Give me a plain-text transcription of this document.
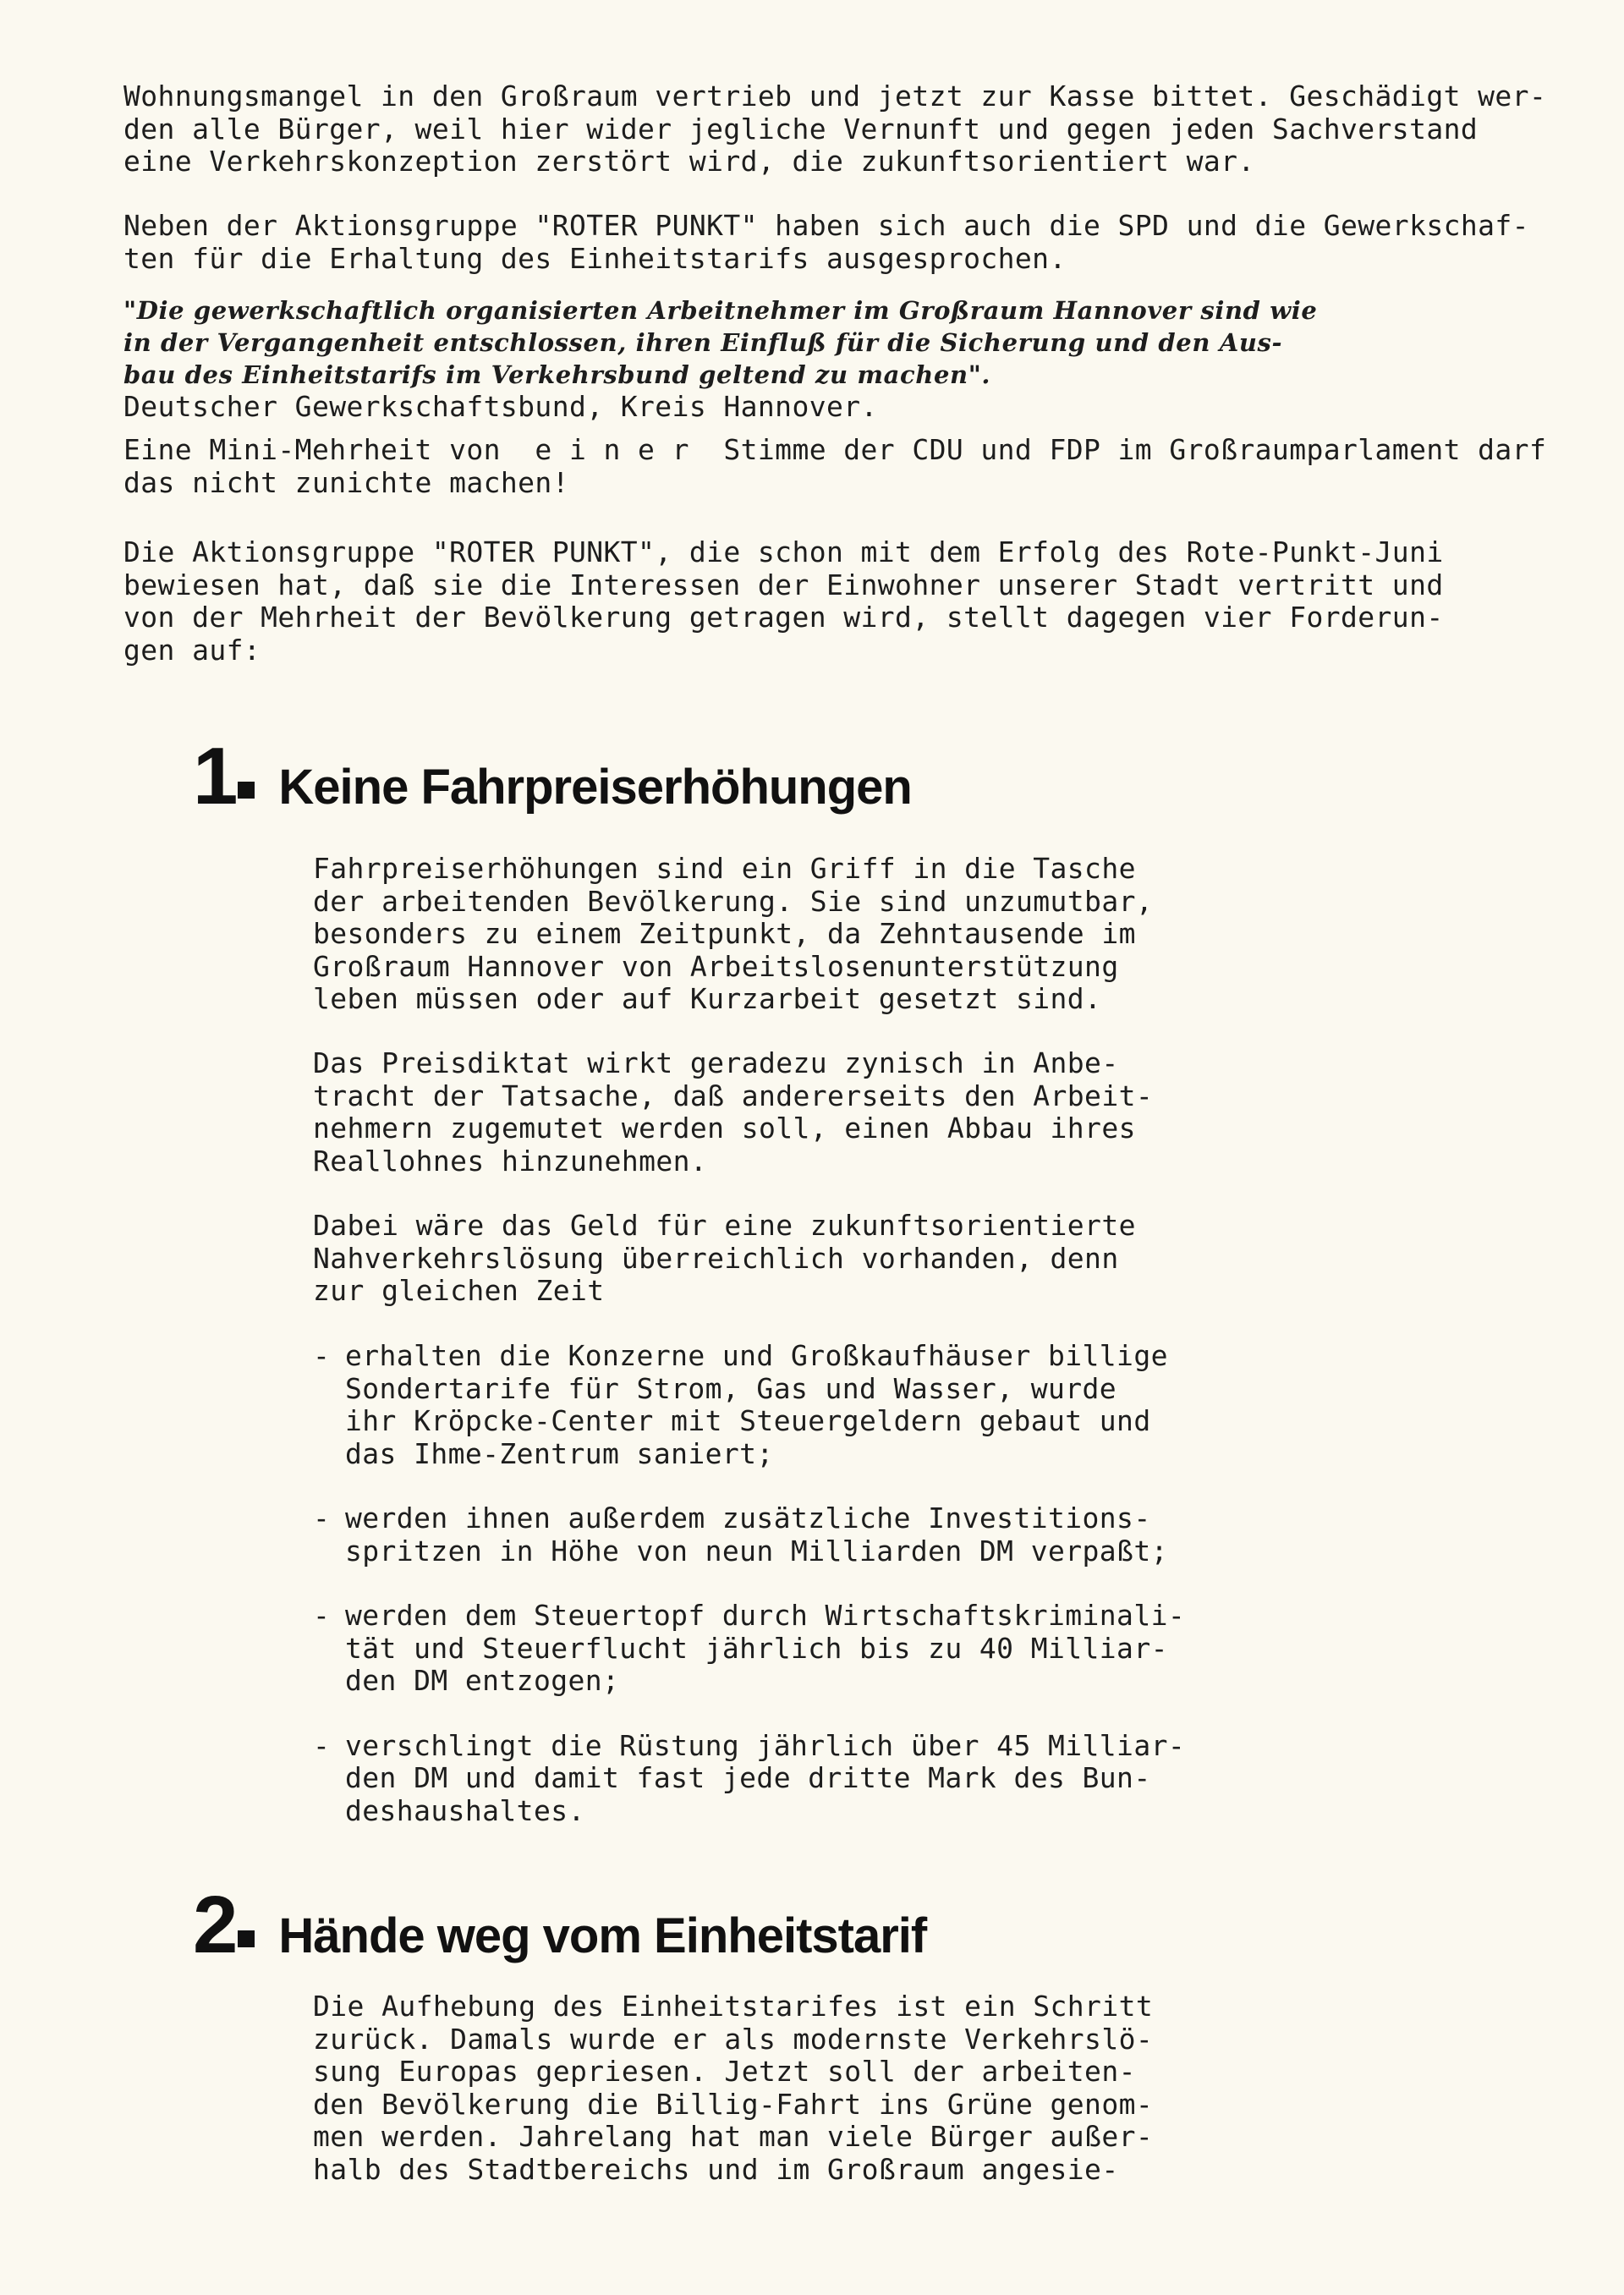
Wohnungsmangel in den Großraum vertrieb und jetzt zur Kasse bittet. Geschädigt wer-
den alle Bürger, weil hier wider jegliche Vernunft und gegen jeden Sachverstand
eine Verkehrskonzeption zerstört wird, die zukunftsorientiert war.

Neben der Aktionsgruppe "ROTER PUNKT" haben sich auch die SPD und die Gewerkschaf-
ten für die Erhaltung des Einheitstarifs ausgesprochen.

"Die gewerkschaftlich organisierten Arbeitnehmer im Großraum Hannover sind wie
in der Vergangenheit entschlossen, ihren Einfluß für die Sicherung und den Aus-
bau des Einheitstarifs im Verkehrsbund geltend zu machen".
Deutscher Gewerkschaftsbund, Kreis Hannover.

Eine Mini-Mehrheit von  e i n e r  Stimme der CDU und FDP im Großraumparlament darf
das nicht zunichte machen!

Die Aktionsgruppe "ROTER PUNKT", die schon mit dem Erfolg des Rote-Punkt-Juni
bewiesen hat, daß sie die Interessen der Einwohner unserer Stadt vertritt und
von der Mehrheit der Bevölkerung getragen wird, stellt dagegen vier Forderun-
gen auf:

1 Keine Fahrpreiserhöhungen

Fahrpreiserhöhungen sind ein Griff in die Tasche
der arbeitenden Bevölkerung. Sie sind unzumutbar,
besonders zu einem Zeitpunkt, da Zehntausende im
Großraum Hannover von Arbeitslosenunterstützung
leben müssen oder auf Kurzarbeit gesetzt sind.

Das Preisdiktat wirkt geradezu zynisch in Anbe-
tracht der Tatsache, daß andererseits den Arbeit-
nehmern zugemutet werden soll, einen Abbau ihres
Reallohnes hinzunehmen.

Dabei wäre das Geld für eine zukunftsorientierte
Nahverkehrslösung überreichlich vorhanden, denn
zur gleichen Zeit

- erhalten die Konzerne und Großkaufhäuser billige
Sondertarife für Strom, Gas und Wasser, wurde
ihr Kröpcke-Center mit Steuergeldern gebaut und
das Ihme-Zentrum saniert;
- werden ihnen außerdem zusätzliche Investitions-
spritzen in Höhe von neun Milliarden DM verpaßt;
- werden dem Steuertopf durch Wirtschaftskriminali-
tät und Steuerflucht jährlich bis zu 40 Milliar-
den DM entzogen;
- verschlingt die Rüstung jährlich über 45 Milliar-
den DM und damit fast jede dritte Mark des Bun-
deshaushaltes.
2 Hände weg vom Einheitstarif

Die Aufhebung des Einheitstarifes ist ein Schritt
zurück. Damals wurde er als modernste Verkehrslö-
sung Europas gepriesen. Jetzt soll der arbeiten-
den Bevölkerung die Billig-Fahrt ins Grüne genom-
men werden. Jahrelang hat man viele Bürger außer-
halb des Stadtbereichs und im Großraum angesie-
